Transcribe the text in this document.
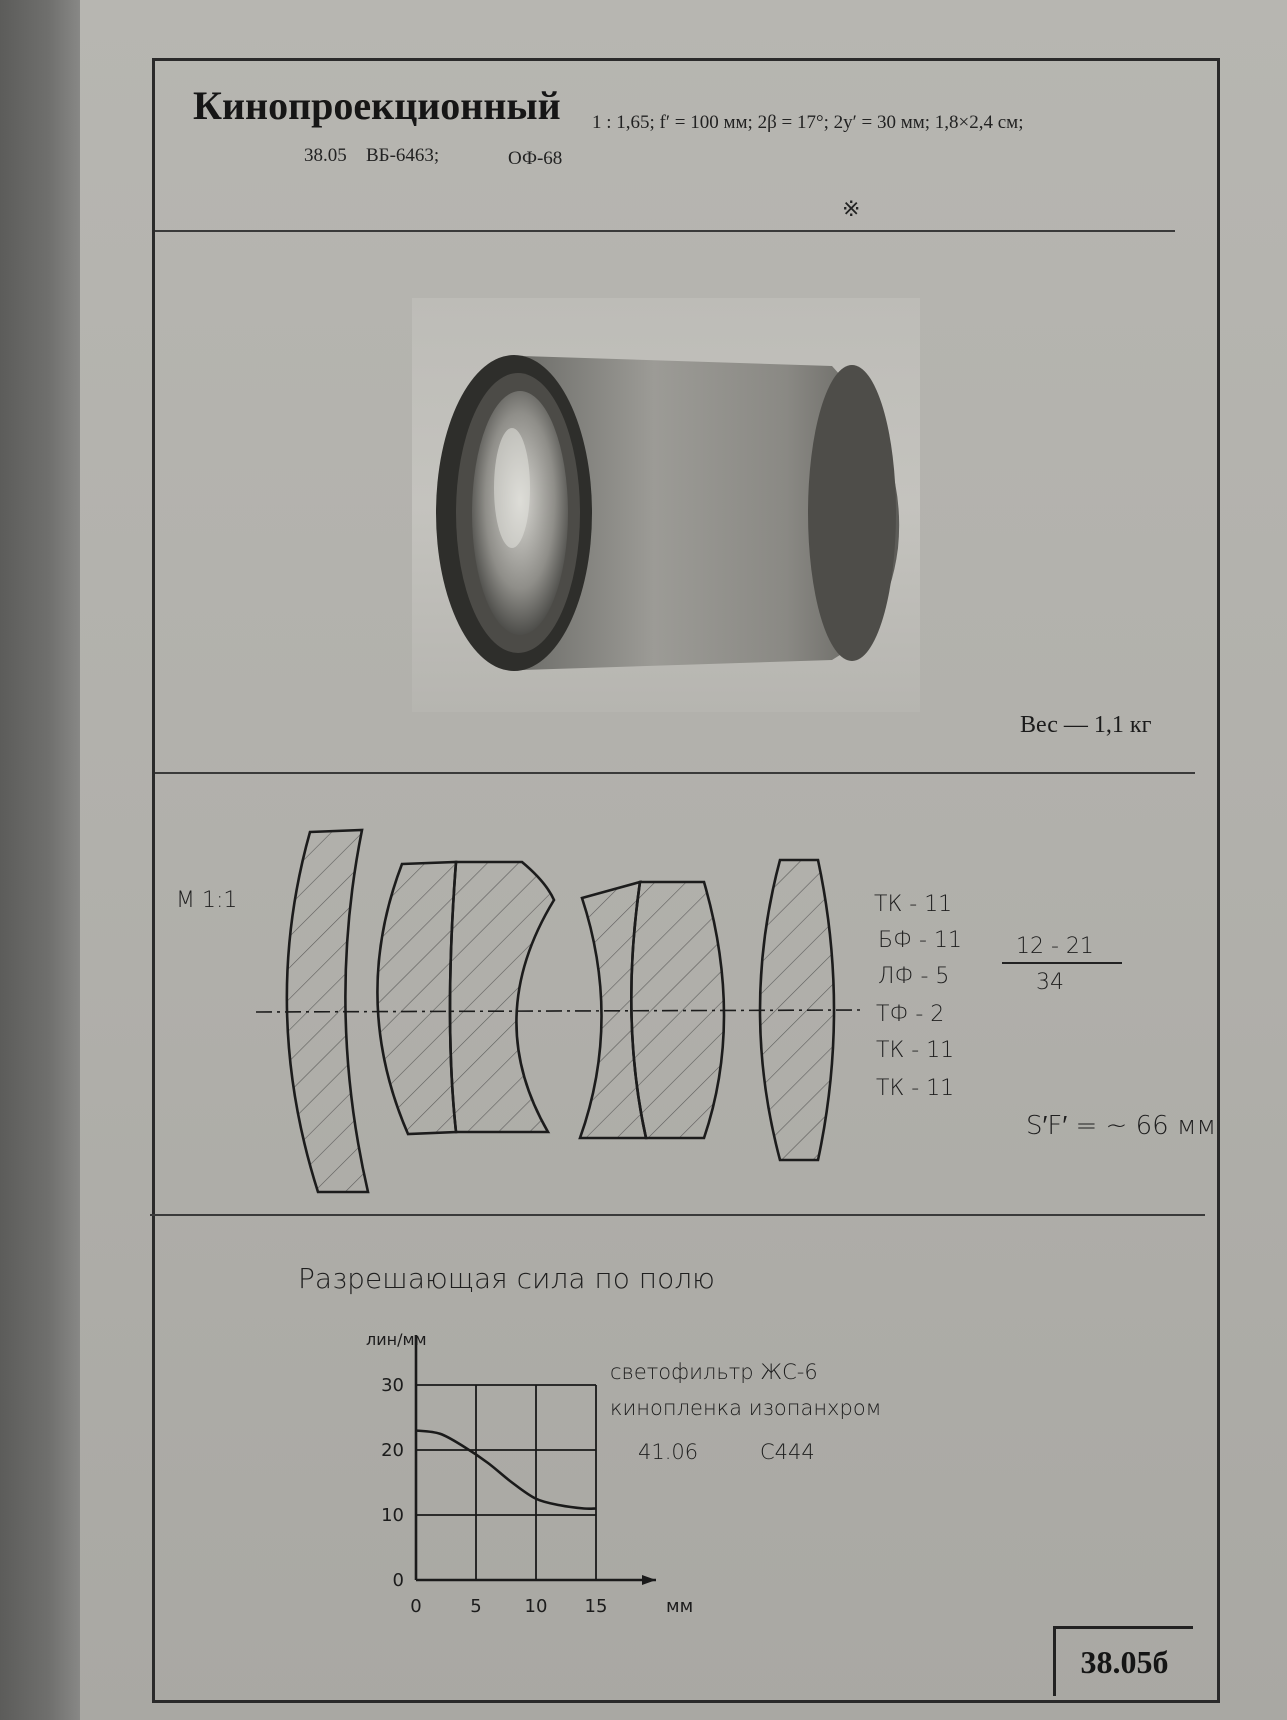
Кинопроекционный 1 : 1,65; f′ = 100 мм; 2β = 17°; 2y′ = 30 мм; 1,8×2,4 см;
38.05 ВБ-6463;	ОФ-68
※
Вес — 1,1 кг
М 1:1	ТК - 11
БФ - 11
ЛФ - 5
ТФ - 2
ТК - 11
ТК - 11
12 - 21
34
S′F′ = ~ 66 мм
Разрешающая сила по полю
светофильтр ЖС-6
кинопленка изопанхром
41.06	С444
0
10
20
30
0	5 10 15
лин/мм
мм
38.05б
